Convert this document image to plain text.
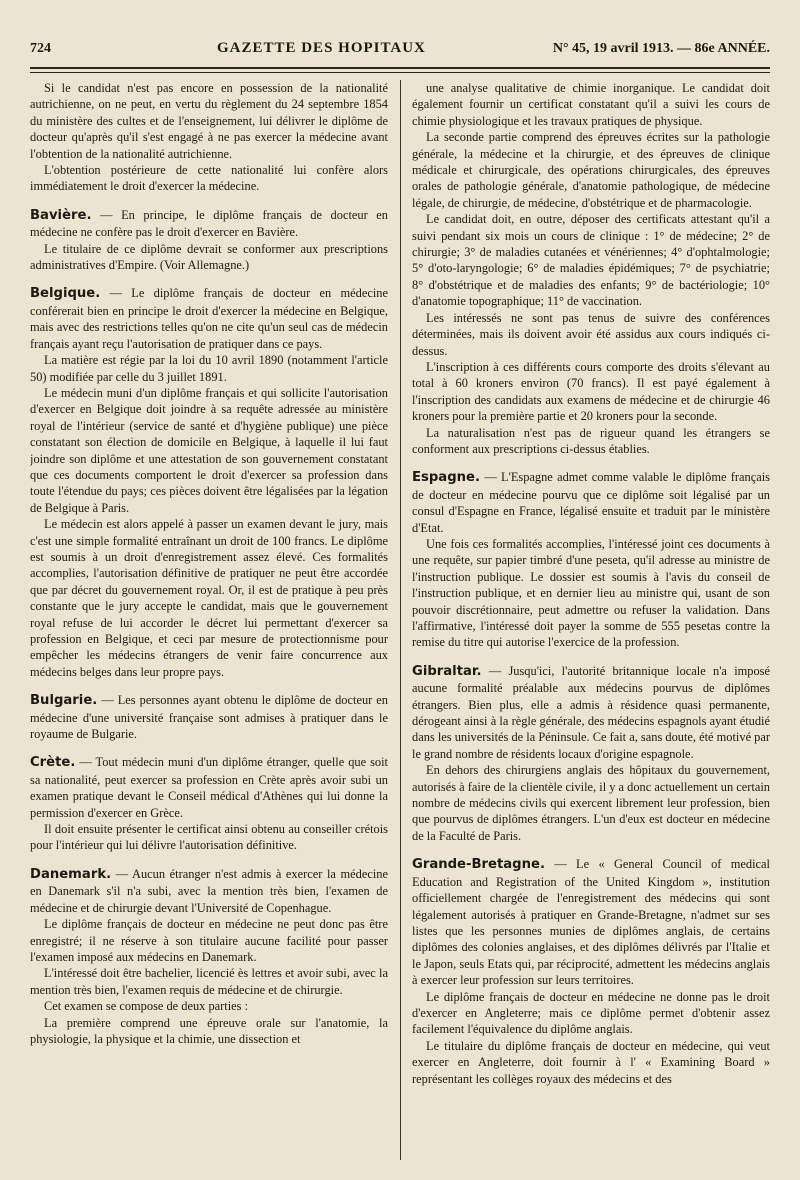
724	GAZETTE DES HOPITAUX	N° 45, 19 avril 1913. — 86e ANNÉE.

Si le candidat n'est pas encore en possession de la nationalité autrichienne, on ne peut, en vertu du règlement du 24 septembre 1854 du ministère des cultes et de l'enseignement, lui délivrer le diplôme de docteur qu'après qu'il s'est engagé à ne pas exercer la médecine avant l'obtention de la nationalité autrichienne.

L'obtention postérieure de cette nationalité lui confère alors immédiatement le droit d'exercer la médecine.

Bavière. — En principe, le diplôme français de docteur en médecine ne confère pas le droit d'exercer en Bavière.

Le titulaire de ce diplôme devrait se conformer aux prescriptions administratives d'Empire. (Voir Allemagne.)

Belgique. — Le diplôme français de docteur en médecine conférerait bien en principe le droit d'exercer la médecine en Belgique, mais avec des restrictions telles qu'on ne cite qu'un seul cas de médecin français ayant reçu l'autorisation de pratiquer dans ce pays.

La matière est régie par la loi du 10 avril 1890 (notamment l'article 50) modifiée par celle du 3 juillet 1891.

Le médecin muni d'un diplôme français et qui sollicite l'autorisation d'exercer en Belgique doit joindre à sa requête adressée au ministère royal de l'intérieur (service de santé et d'hygiène publique) une pièce constatant son élection de domicile en Belgique, à laquelle il lui faut joindre son diplôme et une attestation de son gouvernement constatant que ces documents comportent le droit d'exercer sa profession dans toute l'étendue du pays; ces pièces doivent être légalisées par la légation de Belgique à Paris.

Le médecin est alors appelé à passer un examen devant le jury, mais c'est une simple formalité entraînant un droit de 100 francs. Le diplôme est soumis à un droit d'enregistrement assez élevé. Ces formalités accomplies, l'autorisation définitive de pratiquer ne peut être accordée que par décret du gouvernement royal. Or, il est de pratique à peu près constante que le jury accepte le candidat, mais que le gouvernement royal refuse de lui accorder le décret lui permettant d'exercer sa profession en Belgique, et ceci par mesure de protectionnisme pour empêcher les médecins étrangers de venir faire concurrence aux médecins belges dans leur propre pays.

Bulgarie. — Les personnes ayant obtenu le diplôme de docteur en médecine d'une université française sont admises à pratiquer dans le royaume de Bulgarie.

Crète. — Tout médecin muni d'un diplôme étranger, quelle que soit sa nationalité, peut exercer sa profession en Crète après avoir subi un examen pratique devant le Conseil médical d'Athènes qui lui donne la permission d'exercer en Grèce.

Il doit ensuite présenter le certificat ainsi obtenu au conseiller crétois pour l'intérieur qui lui délivre l'autorisation définitive.

Danemark. — Aucun étranger n'est admis à exercer la médecine en Danemark s'il n'a subi, avec la mention très bien, l'examen de médecine et de chirurgie devant l'Université de Copenhague.

Le diplôme français de docteur en médecine ne peut donc pas être enregistré; il ne réserve à son titulaire aucune facilité pour passer l'examen imposé aux médecins en Danemark.

L'intéressé doit être bachelier, licencié ès lettres et avoir subi, avec la mention très bien, l'examen requis de médecine et de chirurgie.

Cet examen se compose de deux parties :

La première comprend une épreuve orale sur l'anatomie, la physiologie, la physique et la chimie, une dissection et

une analyse qualitative de chimie inorganique. Le candidat doit également fournir un certificat constatant qu'il a suivi les cours de chimie physiologique et les travaux pratiques de physique.

La seconde partie comprend des épreuves écrites sur la pathologie générale, la médecine et la chirurgie, et des épreuves de clinique médicale et chirurgicale, des opérations chirurgicales, des épreuves orales de pathologie générale, d'anatomie pathologique, de médecine légale, de chirurgie, de médecine, d'obstétrique et de pharmacologie.

Le candidat doit, en outre, déposer des certificats attestant qu'il a suivi pendant six mois un cours de clinique : 1° de médecine; 2° de chirurgie; 3° de maladies cutanées et vénériennes; 4° d'ophtalmologie; 5° d'oto-laryngologie; 6° de maladies épidémiques; 7° de psychiatrie; 8° d'obstétrique et de maladies des enfants; 9° de bactériologie; 10° d'anatomie topographique; 11° de vaccination.

Les intéressés ne sont pas tenus de suivre des conférences déterminées, mais ils doivent avoir été assidus aux cours indiqués ci-dessus.

L'inscription à ces différents cours comporte des droits s'élevant au total à 60 kroners environ (70 francs). Il est payé également à l'inscription des candidats aux examens de médecine et de chirurgie 46 kroners pour la première partie et 20 kroners pour la seconde.

La naturalisation n'est pas de rigueur quand les étrangers se conforment aux prescriptions ci-dessus établies.

Espagne. — L'Espagne admet comme valable le diplôme français de docteur en médecine pourvu que ce diplôme soit légalisé par un consul d'Espagne en France, légalisé ensuite et traduit par le ministère d'Etat.

Une fois ces formalités accomplies, l'intéressé joint ces documents à une requête, sur papier timbré d'une peseta, qu'il adresse au ministre de l'instruction publique. Le dossier est soumis à l'avis du conseil de l'instruction publique, et en dernier lieu au ministre qui, usant de son pouvoir discrétionnaire, peut admettre ou refuser la validation. Dans l'affirmative, l'intéressé doit payer la somme de 555 pesetas contre la remise du titre qui autorise l'exercice de la profession.

Gibraltar. — Jusqu'ici, l'autorité britannique locale n'a imposé aucune formalité préalable aux médecins pourvus de diplômes étrangers. Bien plus, elle a admis à résidence quasi permanente, dérogeant ainsi à la règle générale, des médecins espagnols ayant étudié dans les universités de la Péninsule. Ce fait a, sans doute, été motivé par le grand nombre de résidents locaux d'origine espagnole.

En dehors des chirurgiens anglais des hôpitaux du gouvernement, autorisés à faire de la clientèle civile, il y a donc actuellement un certain nombre de médecins civils qui exercent librement leur profession, bien que pourvus de diplômes étrangers. L'un d'eux est docteur en médecine de la Faculté de Paris.

Grande-Bretagne. — Le « General Council of medical Education and Registration of the United Kingdom », institution officiellement chargée de l'enregistrement des médecins qui sont légalement autorisés à pratiquer en Grande-Bretagne, n'admet sur ses listes que les personnes munies de diplômes anglais, de certains diplômes des colonies anglaises, et des diplômes délivrés par l'Italie et le Japon, seuls Etats qui, par réciprocité, admettent les médecins anglais à exercer leur profession sur leurs territoires.

Le diplôme français de docteur en médecine ne donne pas le droit d'exercer en Angleterre; mais ce diplôme permet d'obtenir assez facilement l'équivalence du diplôme anglais.

Le titulaire du diplôme français de docteur en médecine, qui veut exercer en Angleterre, doit fournir à l' « Examining Board » représentant les collèges royaux des médecins et des
